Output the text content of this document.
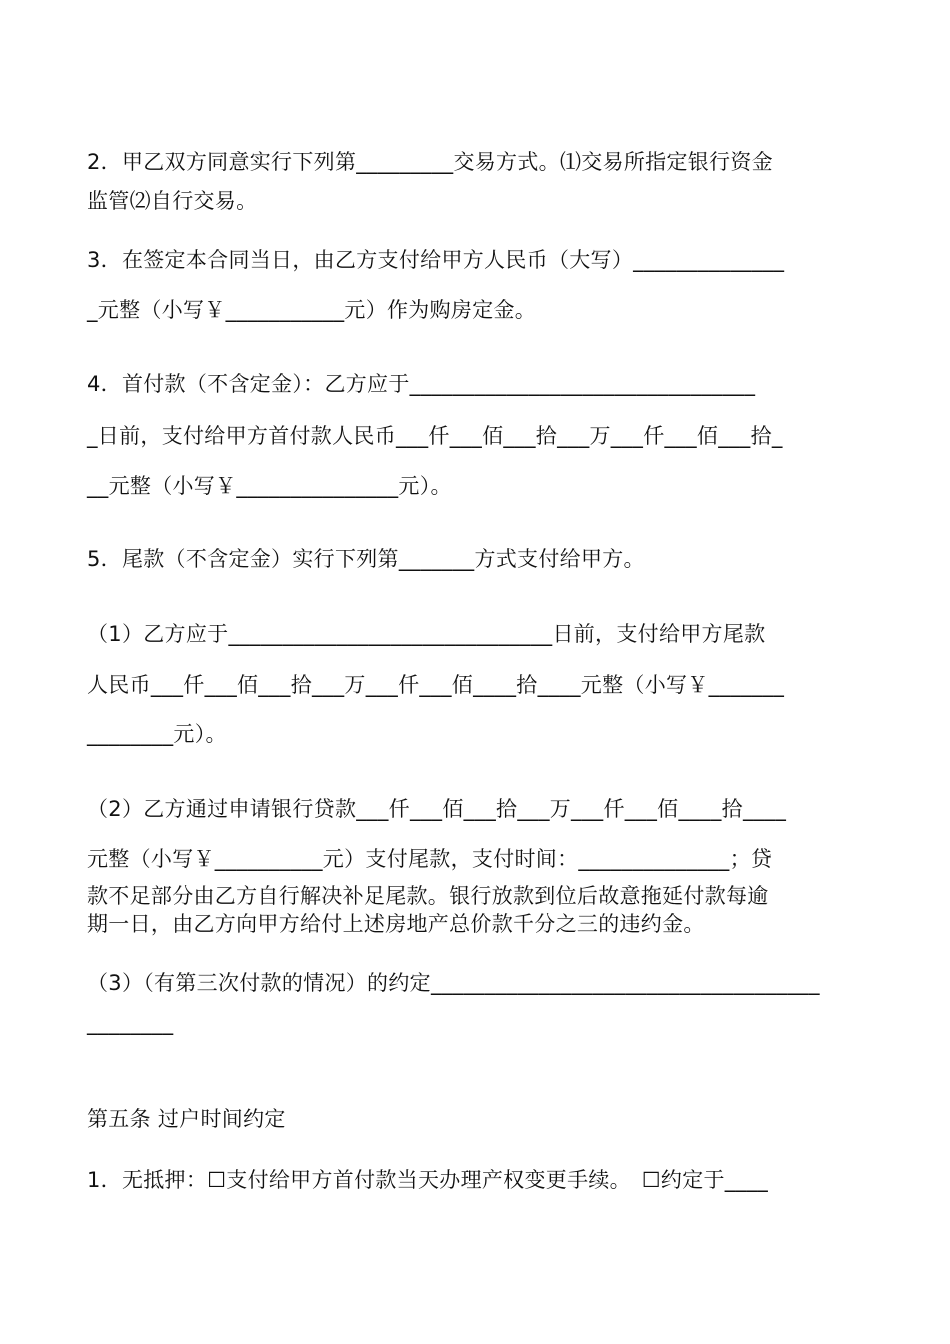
2．甲乙双方同意实行下列第_________交易方式。⑴交易所指定银行资金
监管⑵自行交易。
3．在签定本合同当日，由乙方支付给甲方人民币（大写）______________
_元整（小写￥___________元）作为购房定金。
4．首付款（不含定金）：乙方应于________________________________
_日前，支付给甲方首付款人民币___仟___佰___拾___万___仟___佰___拾_
__元整（小写￥_______________元）。
5．尾款（不含定金）实行下列第_______方式支付给甲方。
（1）乙方应于______________________________日前，支付给甲方尾款
人民币___仟___佰___拾___万___仟___佰____拾____元整（小写￥_______
________元）。
（2）乙方通过申请银行贷款___仟___佰___拾___万___仟___佰____拾____
元整（小写￥__________元）支付尾款，支付时间：______________；贷
款不足部分由乙方自行解决补足尾款。银行放款到位后故意拖延付款每逾
期一日，由乙方向甲方给付上述房地产总价款千分之三的违约金。
（3）（有第三次付款的情况）的约定____________________________________
________
第五条 过户时间约定
1．无抵押：☐支付给甲方首付款当天办理产权变更手续。　☐约定于____
